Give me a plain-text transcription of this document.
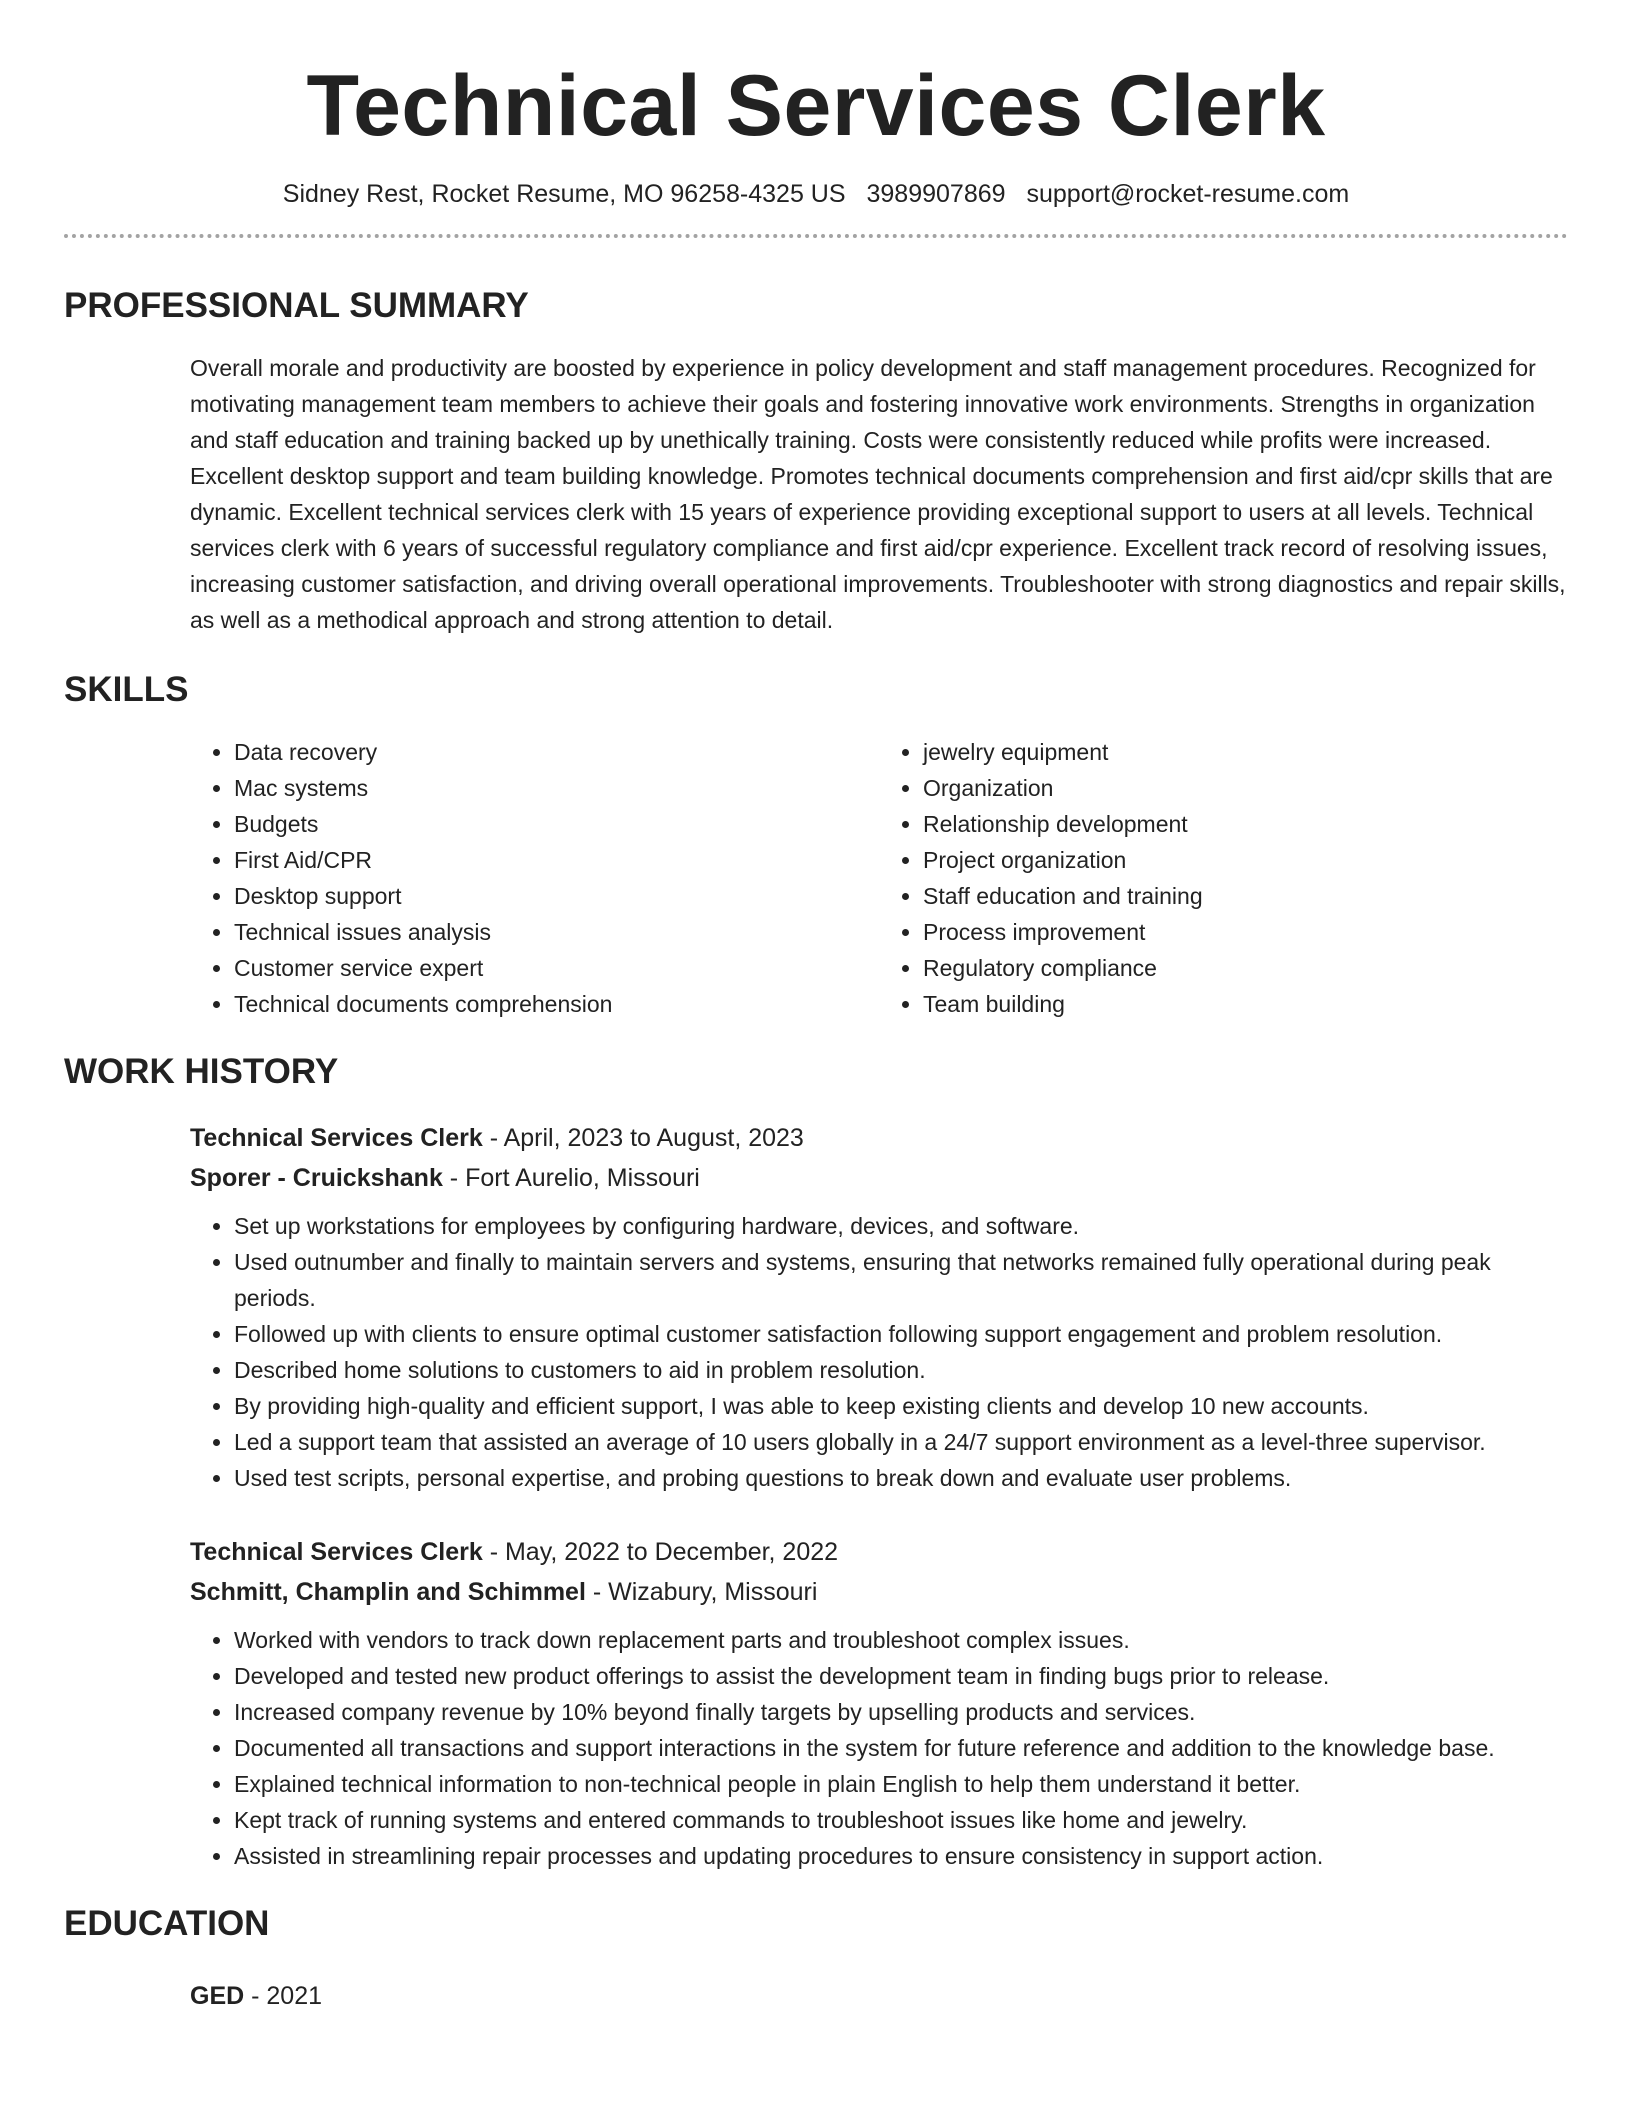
Technical Services Clerk
Sidney Rest, Rocket Resume, MO 96258-4325 US 3989907869 support@rocket-resume.com
PROFESSIONAL SUMMARY

Overall morale and productivity are boosted by experience in policy development and staff management procedures. Recognized for motivating management team members to achieve their goals and fostering innovative work environments. Strengths in organization and staff education and training backed up by unethically training. Costs were consistently reduced while profits were increased. Excellent desktop support and team building knowledge. Promotes technical documents comprehension and first aid/cpr skills that are dynamic. Excellent technical services clerk with 15 years of experience providing exceptional support to users at all levels. Technical services clerk with 6 years of successful regulatory compliance and first aid/cpr experience. Excellent track record of resolving issues, increasing customer satisfaction, and driving overall operational improvements. Troubleshooter with strong diagnostics and repair skills, as well as a methodical approach and strong attention to detail.

SKILLS
• Data recovery
• Mac systems
• Budgets
• First Aid/CPR
• Desktop support
• Technical issues analysis
• Customer service expert
• Technical documents comprehension
• jewelry equipment
• Organization
• Relationship development
• Project organization
• Staff education and training
• Process improvement
• Regulatory compliance
• Team building
WORK HISTORY
Technical Services Clerk - April, 2023 to August, 2023
Sporer - Cruickshank - Fort Aurelio, Missouri
• Set up workstations for employees by configuring hardware, devices, and software.
• Used outnumber and finally to maintain servers and systems, ensuring that networks remained fully operational during peak periods.
• Followed up with clients to ensure optimal customer satisfaction following support engagement and problem resolution.
• Described home solutions to customers to aid in problem resolution.
• By providing high-quality and efficient support, I was able to keep existing clients and develop 10 new accounts.
• Led a support team that assisted an average of 10 users globally in a 24/7 support environment as a level-three supervisor.
• Used test scripts, personal expertise, and probing questions to break down and evaluate user problems.
Technical Services Clerk - May, 2022 to December, 2022
Schmitt, Champlin and Schimmel - Wizabury, Missouri
• Worked with vendors to track down replacement parts and troubleshoot complex issues.
• Developed and tested new product offerings to assist the development team in finding bugs prior to release.
• Increased company revenue by 10% beyond finally targets by upselling products and services.
• Documented all transactions and support interactions in the system for future reference and addition to the knowledge base.
• Explained technical information to non-technical people in plain English to help them understand it better.
• Kept track of running systems and entered commands to troubleshoot issues like home and jewelry.
• Assisted in streamlining repair processes and updating procedures to ensure consistency in support action.
EDUCATION
GED - 2021
